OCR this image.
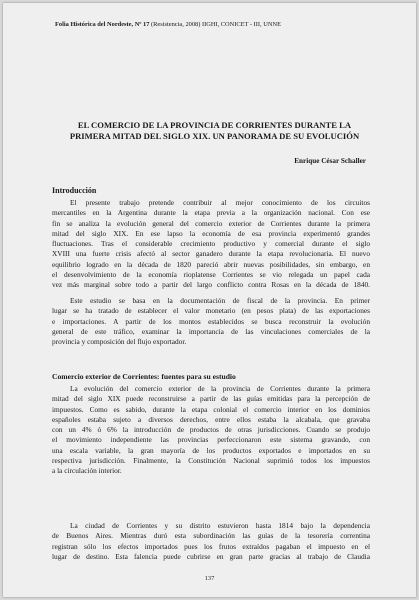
Folia Histórica del Nordeste, Nº 17 (Resistencia, 2008) IIGHI, CONICET - III, UNNE
EL COMERCIO DE LA PROVINCIA DE CORRIENTES DURANTE LA
PRIMERA MITAD DEL SIGLO XIX. UN PANORAMA DE SU EVOLUCIÓN
Enrique César Schaller
Introducción
El presente trabajo pretende contribuir al mejor conocimiento de los circuitos
mercantiles en la Argentina durante la etapa previa a la organización nacional. Con ese
fin se analiza la evolución general del comercio exterior de Corrientes durante la primera
mitad del siglo XIX. En ese lapso la economía de esa provincia experimentó grandes
fluctuaciones. Tras el considerable crecimiento productivo y comercial durante el siglo
XVIII una fuerte crisis afectó al sector ganadero durante la etapa revolucionaria. El nuevo
equilibrio logrado en la década de 1820 pareció abrir nuevas posibilidades, sin embargo, en
el desenvolvimiento de la economía rioplatense Corrientes se vio relegada un papel cada
vez más marginal sobre todo a partir del largo conflicto contra Rosas en la década de 1840.
Este estudio se basa en la documentación de fiscal de la provincia. En primer
lugar se ha tratado de establecer el valor monetario (en pesos plata) de las exportaciones
e importaciones. A partir de los montos establecidos se busca reconstruir la evolución
general de este tráfico, examinar la importancia de las vinculaciones comerciales de la
provincia y composición del flujo exportador.
Comercio exterior de Corrientes: fuentes para su estudio
La evolución del comercio exterior de la provincia de Corrientes durante la primera
mitad del siglo XIX puede reconstruirse a partir de las guías emitidas para la percepción de
impuestos. Como es sabido, durante la etapa colonial el comercio interior en los dominios
españoles estaba sujeto a diversos derechos, entre ellos estaba la alcabala, que gravaba
con un 4% ó 6% la introducción de productos de otras jurisdicciones. Cuando se produjo
el movimiento independiente las provincias perfeccionaron este sistema gravando, con
una escala variable, la gran mayoría de los productos exportados e importados en su
respectiva jurisdicción. Finalmente, la Constitución Nacional suprimió todos los impuestos
a la circulación interior.
La ciudad de Corrientes y su distrito estuvieron hasta 1814 bajo la dependencia
de Buenos Aires. Mientras duró esta subordinación las guías de la tesorería correntina
registran sólo los efectos importados pues los frutos extraídos pagaban el impuesto en el
lugar de destino. Esta falencia puede cubrirse en gran parte gracias al trabajo de Claudia
137
